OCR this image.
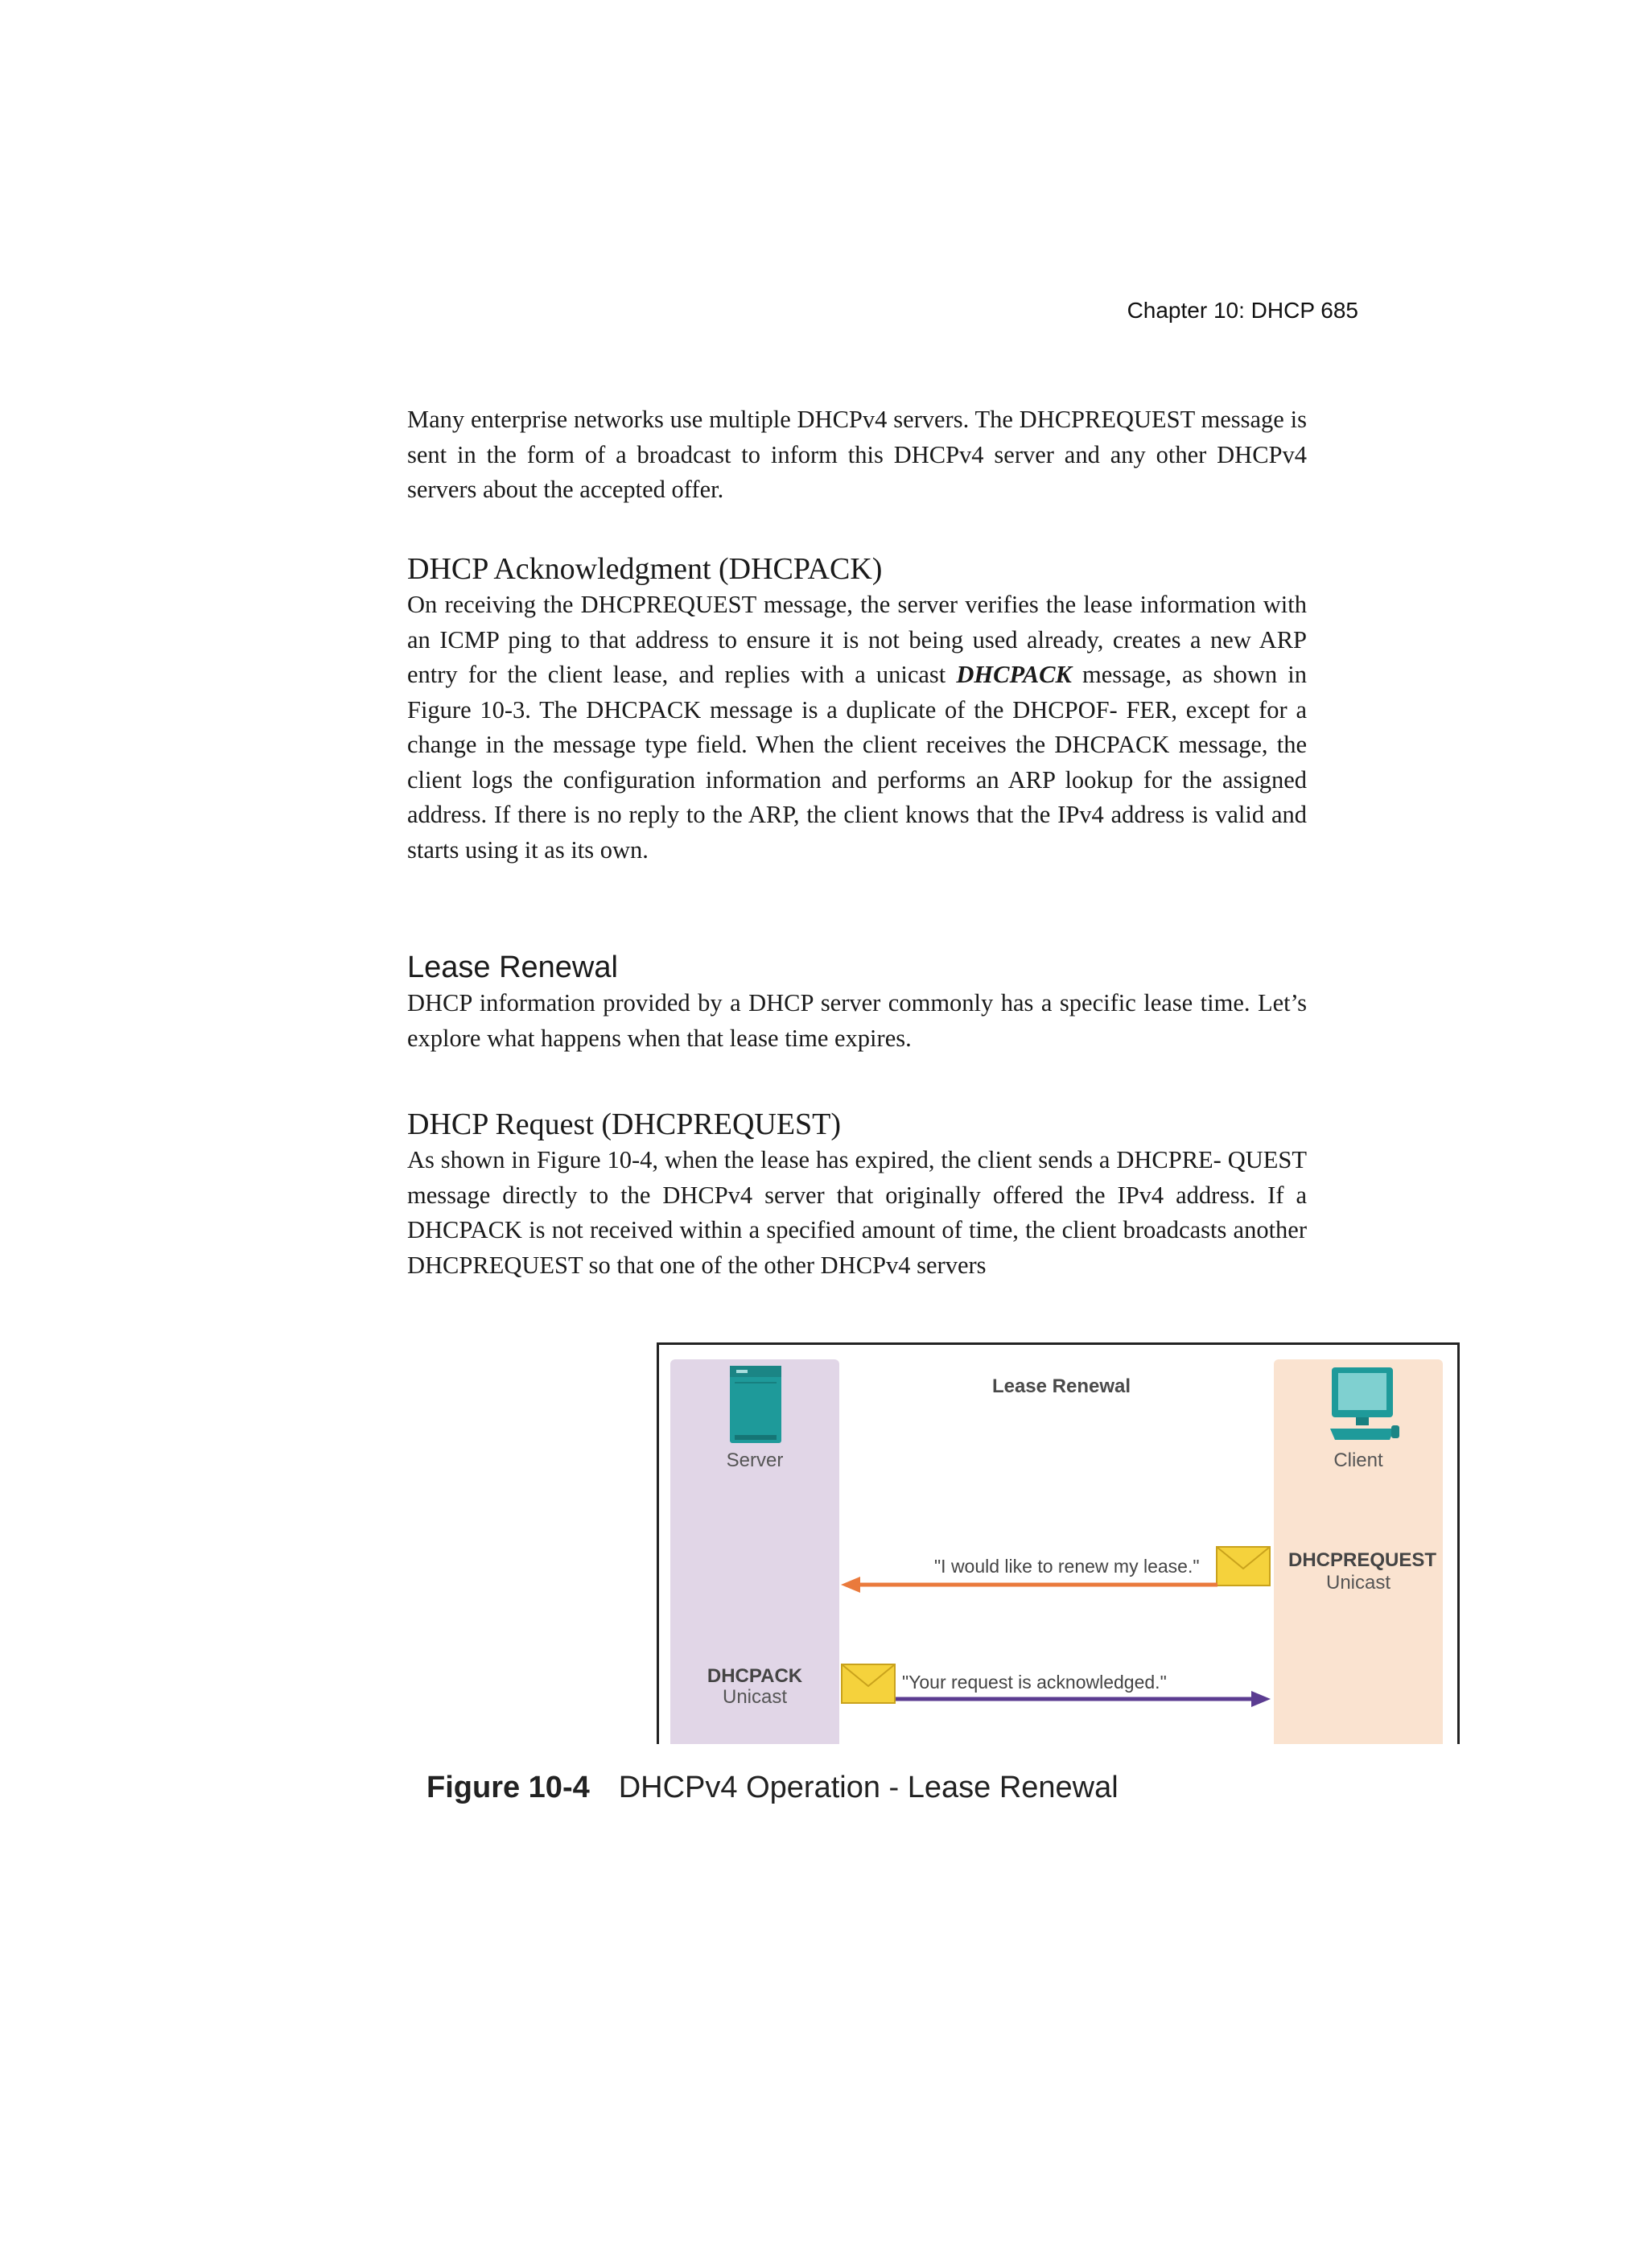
Chapter 10: DHCP 685

Many enterprise networks use multiple DHCPv4 servers. The DHCPREQUEST message is sent in the form of a broadcast to inform this DHCPv4 server and any other DHCPv4 servers about the accepted offer.

DHCP Acknowledgment (DHCPACK)

On receiving the DHCPREQUEST message, the server verifies the lease information with an ICMP ping to that address to ensure it is not being used already, creates a new ARP entry for the client lease, and replies with a unicast DHCPACK message, as shown in Figure 10-3. The DHCPACK message is a duplicate of the DHCPOF- FER, except for a change in the message type field. When the client receives the DHCPACK message, the client logs the configuration information and performs an ARP lookup for the assigned address. If there is no reply to the ARP, the client knows that the IPv4 address is valid and starts using it as its own.

Lease Renewal

DHCP information provided by a DHCP server commonly has a specific lease time. Let’s explore what happens when that lease time expires.

DHCP Request (DHCPREQUEST)

As shown in Figure 10-4, when the lease has expired, the client sends a DHCPRE- QUEST message directly to the DHCPv4 server that originally offered the IPv4 address. If a DHCPACK is not received within a specified amount of time, the client broadcasts another DHCPREQUEST so that one of the other DHCPv4 servers

Lease Renewal
Server	Client
"I would like to renew my lease."	DHCPREQUEST
Unicast
DHCPACK
Unicast
"Your request is acknowledged."
Figure 10-4 DHCPv4 Operation - Lease Renewal
